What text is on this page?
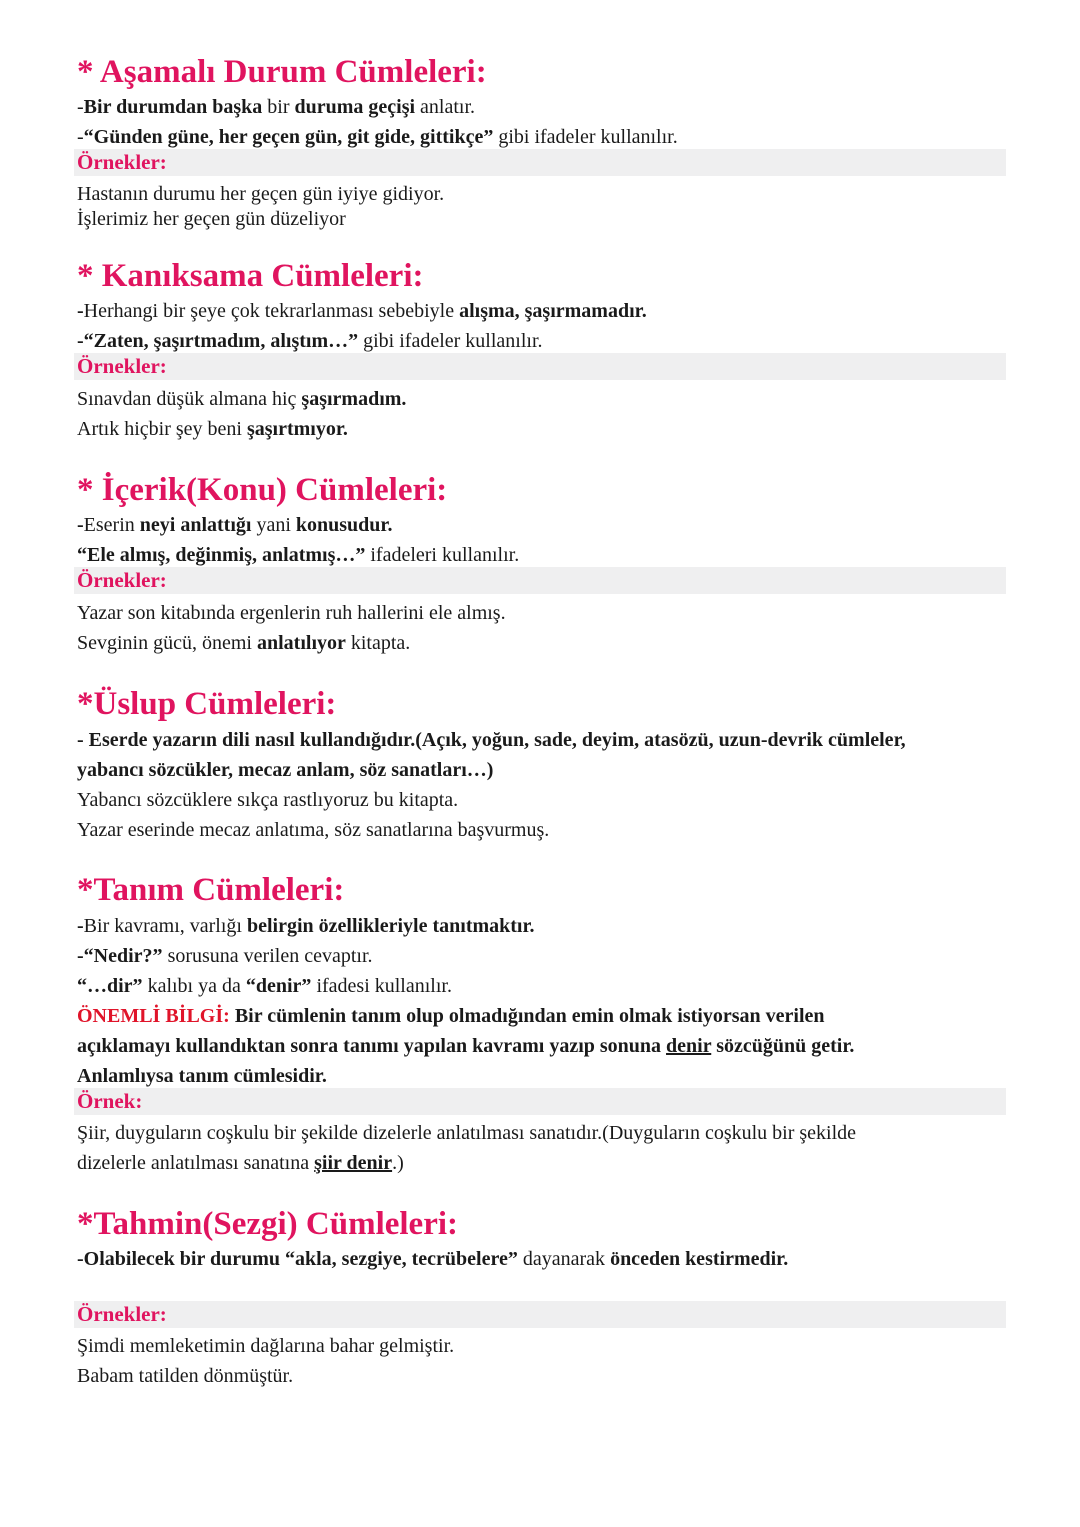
* Aşamalı Durum Cümleleri:

-Bir durumdan başka bir duruma geçişi anlatır.

-“Günden güne, her geçen gün, git gide, gittikçe” gibi ifadeler kullanılır.

Örnekler:

Hastanın durumu her geçen gün iyiye gidiyor.

İşlerimiz her geçen gün düzeliyor

* Kanıksama Cümleleri:

-Herhangi bir şeye çok tekrarlanması sebebiyle alışma, şaşırmamadır.

-“Zaten, şaşırtmadım, alıştım…” gibi ifadeler kullanılır.

Örnekler:

Sınavdan düşük almana hiç şaşırmadım.

Artık hiçbir şey beni şaşırtmıyor.

* İçerik(Konu) Cümleleri:

-Eserin neyi anlattığı yani konusudur.

“Ele almış, değinmiş, anlatmış…” ifadeleri kullanılır.

Örnekler:

Yazar son kitabında ergenlerin ruh hallerini ele almış.

Sevginin gücü, önemi anlatılıyor kitapta.

*Üslup Cümleleri:

- Eserde yazarın dili nasıl kullandığıdır.(Açık, yoğun, sade, deyim, atasözü, uzun-devrik cümleler,

yabancı sözcükler, mecaz anlam, söz sanatları…)

Yabancı sözcüklere sıkça rastlıyoruz bu kitapta.

Yazar eserinde mecaz anlatıma, söz sanatlarına başvurmuş.

*Tanım Cümleleri:

-Bir kavramı, varlığı belirgin özellikleriyle tanıtmaktır.

-“Nedir?” sorusuna verilen cevaptır.

“…dir” kalıbı ya da “denir” ifadesi kullanılır.

ÖNEMLİ BİLGİ: Bir cümlenin tanım olup olmadığından emin olmak istiyorsan verilen

açıklamayı kullandıktan sonra tanımı yapılan kavramı yazıp sonuna denir sözcüğünü getir.

Anlamlıysa tanım cümlesidir.

Örnek:

Şiir, duyguların coşkulu bir şekilde dizelerle anlatılması sanatıdır.(Duyguların coşkulu bir şekilde

dizelerle anlatılması sanatına şiir denir.)

*Tahmin(Sezgi) Cümleleri:

-Olabilecek bir durumu “akla, sezgiye, tecrübelere” dayanarak önceden kestirmedir.

Örnekler:

Şimdi memleketimin dağlarına bahar gelmiştir.

Babam tatilden dönmüştür.
